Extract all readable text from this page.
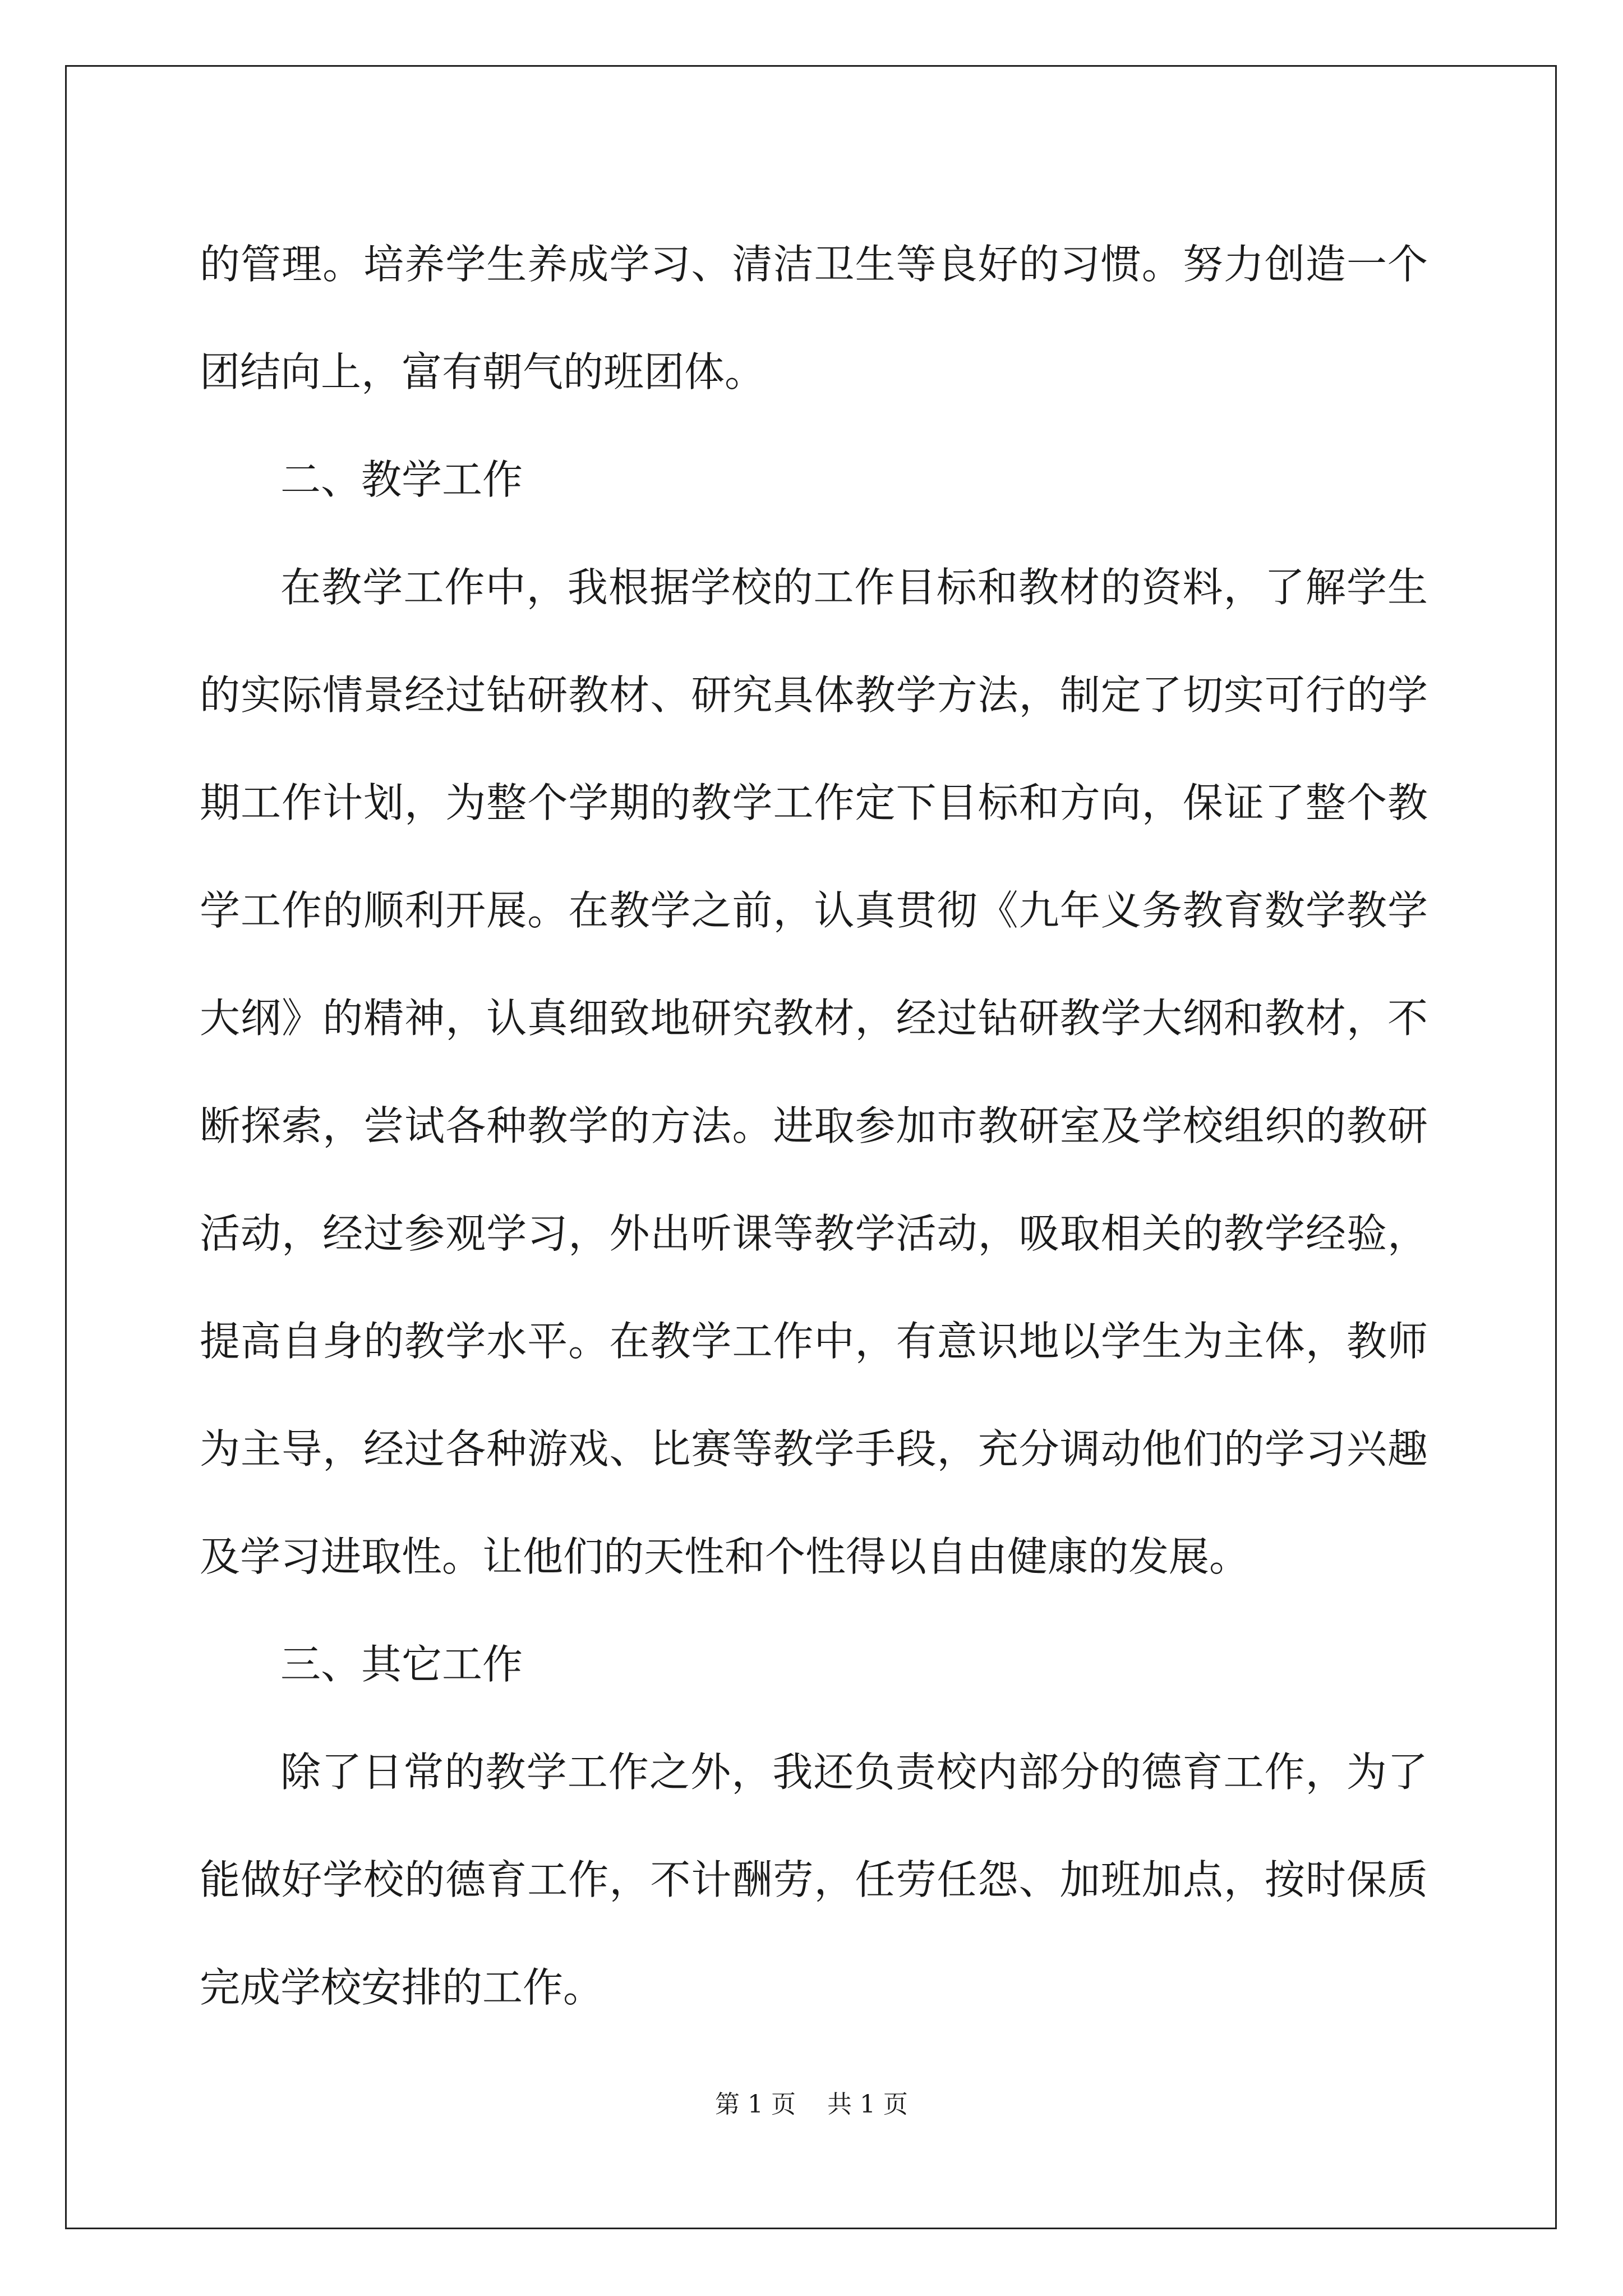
的管理。培养学生养成学习、清洁卫生等良好的习惯。努力创造一个
团结向上，富有朝气的班团体。
二、教学工作
在教学工作中，我根据学校的工作目标和教材的资料，了解学生
的实际情景经过钻研教材、研究具体教学方法，制定了切实可行的学
期工作计划，为整个学期的教学工作定下目标和方向，保证了整个教
学工作的顺利开展。在教学之前，认真贯彻《九年义务教育数学教学
大纲》的精神，认真细致地研究教材，经过钻研教学大纲和教材，不
断探索，尝试各种教学的方法。进取参加市教研室及学校组织的教研
活动，经过参观学习，外出听课等教学活动，吸取相关的教学经验，
提高自身的教学水平。在教学工作中，有意识地以学生为主体，教师
为主导，经过各种游戏、比赛等教学手段，充分调动他们的学习兴趣
及学习进取性。让他们的天性和个性得以自由健康的发展。
三、其它工作
除了日常的教学工作之外，我还负责校内部分的德育工作，为了
能做好学校的德育工作，不计酬劳，任劳任怨、加班加点，按时保质
完成学校安排的工作。
第 1 页 共 1 页
